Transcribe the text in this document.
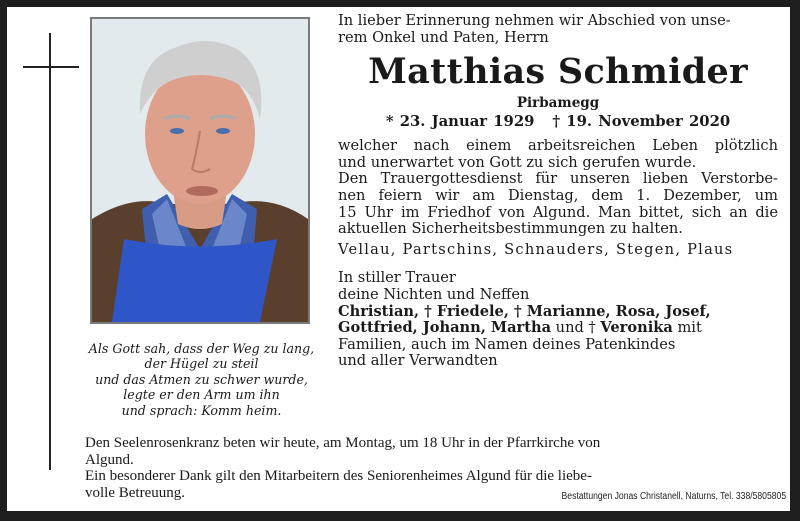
Als Gott sah, dass der Weg zu lang,
der Hügel zu steil
und das Atmen zu schwer wurde,
legte er den Arm um ihn
und sprach: Komm heim.

In lieber Erinnerung nehmen wir Abschied von unse-
rem Onkel und Paten, Herrn

Matthias Schmider
Pirbamegg
* 23. Januar 1929 † 19. November 2020

welcher nach einem arbeitsreichen Leben plötzlich
und unerwartet von Gott zu sich gerufen wurde.
Den Trauergottesdienst für unseren lieben Verstorbe-
nen feiern wir am Dienstag, dem 1. Dezember, um
15 Uhr im Friedhof von Algund. Man bittet, sich an die
aktuellen Sicherheitsbestimmungen zu halten.

Vellau, Partschins, Schnauders, Stegen, Plaus

In stiller Trauer
deine Nichten und Neffen
Christian, † Friedele, † Marianne, Rosa, Josef,
Gottfried, Johann, Martha und † Veronika mit
Familien, auch im Namen deines Patenkindes
und aller Verwandten

Den Seelenrosenkranz beten wir heute, am Montag, um 18 Uhr in der Pfarrkirche von
Algund.
Ein besonderer Dank gilt den Mitarbeitern des Seniorenheimes Algund für die liebe-
volle Betreuung.	Bestattungen Jonas Christanell, Naturns, Tel. 338/5805805
